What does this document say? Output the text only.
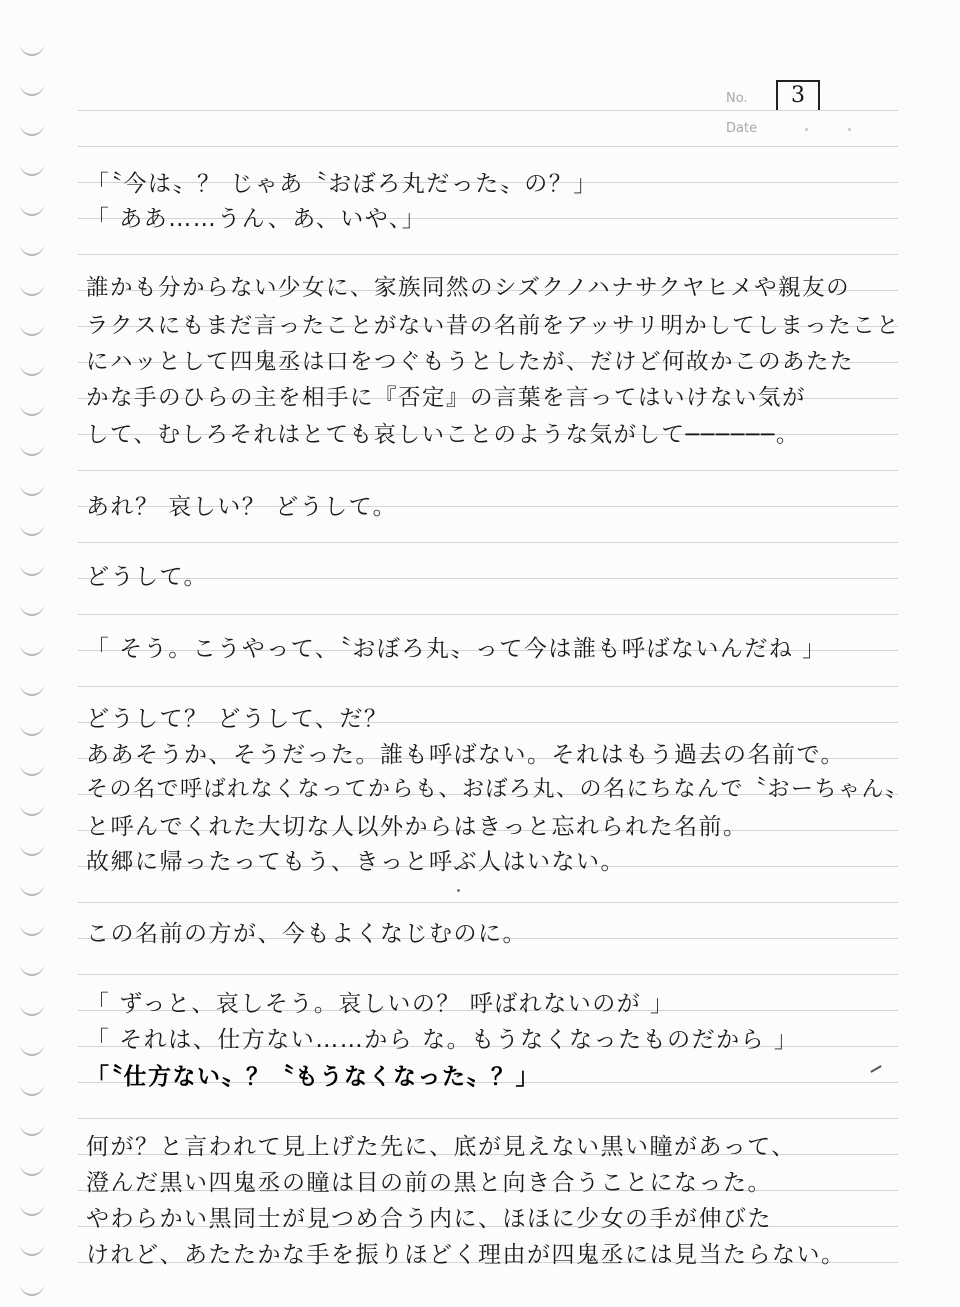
No.
Date
3
「〝今は〟？ じゃあ〝おぼろ丸だった〟の？」
「 ああ……うん、あ、いや、」
誰かも分からない少女に、家族同然のシズクノハナサクヤヒメや親友の
ラクスにもまだ言ったことがない昔の名前をアッサリ明かしてしまったこと
にハッとして四鬼丞は口をつぐもうとしたが、だけど何故かこのあたた
かな手のひらの主を相手に『否定』の言葉を言ってはいけない気が
して、むしろそれはとても哀しいことのような気がして──────。
あれ？ 哀しい？ どうして。
どうして。
「 そう。こうやって、〝おぼろ丸〟って今は誰も呼ばないんだね 」
どうして？ どうして、だ？
ああそうか、そうだった。誰も呼ばない。それはもう過去の名前で。
その名で呼ばれなくなってからも、おぼろ丸、の名にちなんで〝おーちゃん〟
と呼んでくれた大切な人以外からはきっと忘れられた名前。
故郷に帰ったってもう、きっと呼ぶ人はいない。
この名前の方が、今もよくなじむのに。
「 ずっと、哀しそう。哀しいの？ 呼ばれないのが 」
「 それは、仕方ない……から な。もうなくなったものだから 」
「〝仕方ない〟？〝もうなくなった〟？」
何が？と言われて見上げた先に、底が見えない黒い瞳があって、
澄んだ黒い四鬼丞の瞳は目の前の黒と向き合うことになった。
やわらかい黒同士が見つめ合う内に、ほほに少女の手が伸びた
けれど、あたたかな手を振りほどく理由が四鬼丞には見当たらない。
